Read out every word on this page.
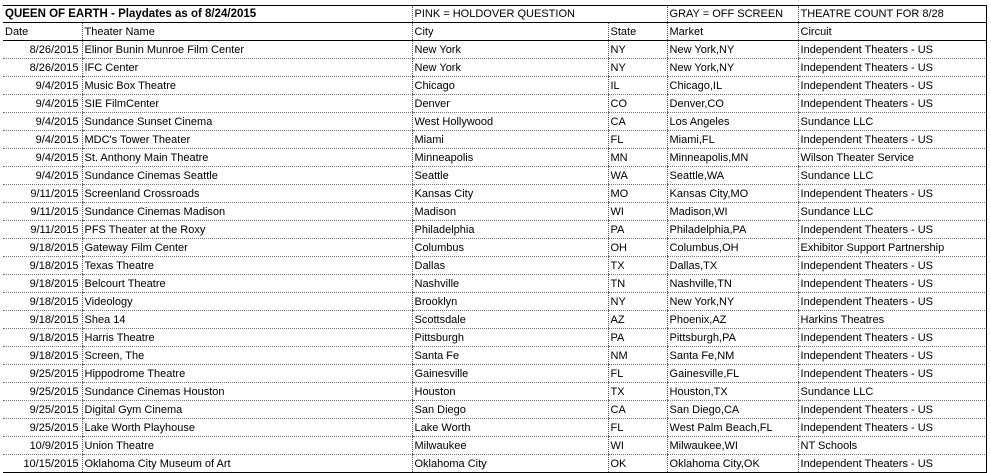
QUEEN OF EARTH - Playdates as of 8/24/2015		PINK = HOLDOVER QUESTION		GRAY = OFF SCREEN	THEATRE COUNT FOR 8/28
Date	Theater Name	City	State	Market	Circuit
8/26/2015	Elinor Bunin Munroe Film Center	New York	NY	New York,NY	Independent Theaters - US
8/26/2015	IFC Center	New York	NY	New York,NY	Independent Theaters - US
9/4/2015	Music Box Theatre	Chicago	IL	Chicago,IL	Independent Theaters - US
9/4/2015	SIE FilmCenter	Denver	CO	Denver,CO	Independent Theaters - US
9/4/2015	Sundance Sunset Cinema	West Hollywood	CA	Los Angeles	Sundance LLC
9/4/2015	MDC's Tower Theater	Miami	FL	Miami,FL	Independent Theaters - US
9/4/2015	St. Anthony Main Theatre	Minneapolis	MN	Minneapolis,MN	Wilson Theater Service
9/4/2015	Sundance Cinemas Seattle	Seattle	WA	Seattle,WA	Sundance LLC
9/11/2015	Screenland Crossroads	Kansas City	MO	Kansas City,MO	Independent Theaters - US
9/11/2015	Sundance Cinemas Madison	Madison	WI	Madison,WI	Sundance LLC
9/11/2015	PFS Theater at the Roxy	Philadelphia	PA	Philadelphia,PA	Independent Theaters - US
9/18/2015	Gateway Film Center	Columbus	OH	Columbus,OH	Exhibitor Support Partnership
9/18/2015	Texas Theatre	Dallas	TX	Dallas,TX	Independent Theaters - US
9/18/2015	Belcourt Theatre	Nashville	TN	Nashville,TN	Independent Theaters - US
9/18/2015	Videology	Brooklyn	NY	New York,NY	Independent Theaters - US
9/18/2015	Shea 14	Scottsdale	AZ	Phoenix,AZ	Harkins Theatres
9/18/2015	Harris Theatre	Pittsburgh	PA	Pittsburgh,PA	Independent Theaters - US
9/18/2015	Screen, The	Santa Fe	NM	Santa Fe,NM	Independent Theaters - US
9/25/2015	Hippodrome Theatre	Gainesville	FL	Gainesville,FL	Independent Theaters - US
9/25/2015	Sundance Cinemas Houston	Houston	TX	Houston,TX	Sundance LLC
9/25/2015	Digital Gym Cinema	San Diego	CA	San Diego,CA	Independent Theaters - US
9/25/2015	Lake Worth Playhouse	Lake Worth	FL	West Palm Beach,FL	Independent Theaters - US
10/9/2015	Union Theatre	Milwaukee	WI	Milwaukee,WI	NT Schools
10/15/2015	Oklahoma City Museum of Art	Oklahoma City	OK	Oklahoma City,OK	Independent Theaters - US
